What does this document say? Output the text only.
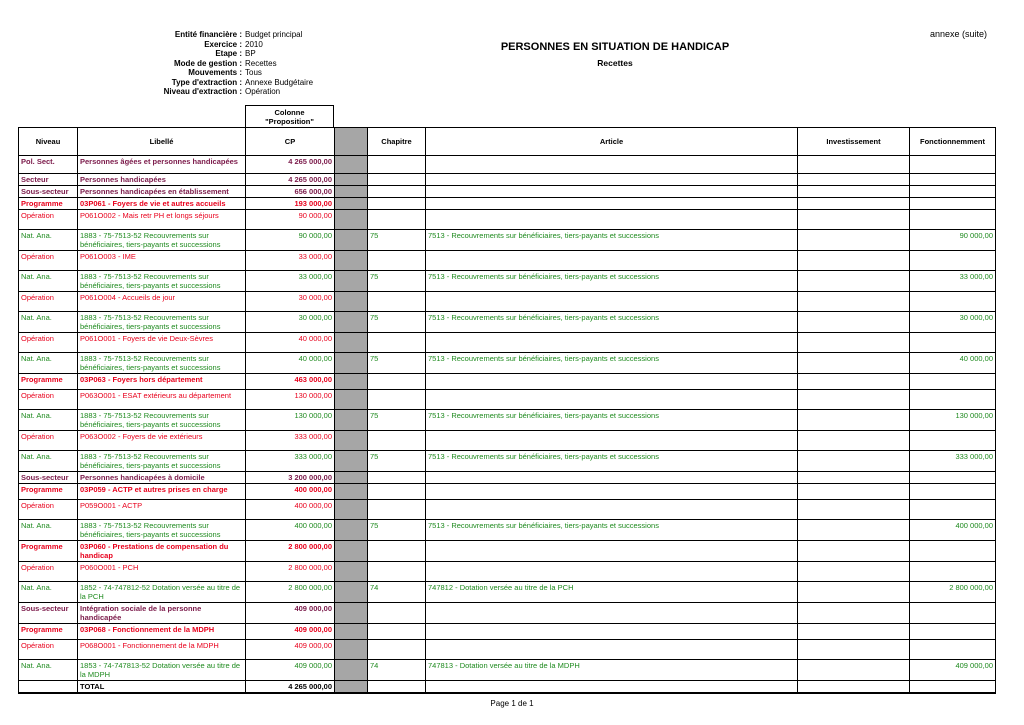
Entité financière : Budget principal
Exercice : 2010
Etape : BP
Mode de gestion : Recettes
Mouvements : Tous
Type d'extraction : Annexe Budgétaire
Niveau d'extraction : Opération
PERSONNES EN SITUATION DE HANDICAP
Recettes
annexe (suite)
Colonne
"Proposition"
Niveau	Libellé	CP		Chapitre	Article	Investissement	Fonctionnemment
Pol. Sect.	Personnes âgées et personnes handicapées	4 265 000,00					
Secteur	Personnes handicapées	4 265 000,00					
Sous-secteur	Personnes handicapées en établissement	656 000,00					
Programme	03P061 - Foyers de vie et autres accueils	193 000,00					
Opération	P061O002 - Mais retr PH et longs séjours	90 000,00					
Nat. Ana.	1883 - 75-7513-52 Recouvrements sur bénéficiaires, tiers-payants et successions	90 000,00		75	7513 - Recouvrements sur bénéficiaires, tiers-payants et successions		90 000,00
Opération	P061O003 - IME	33 000,00					
Nat. Ana.	1883 - 75-7513-52 Recouvrements sur bénéficiaires, tiers-payants et successions	33 000,00		75	7513 - Recouvrements sur bénéficiaires, tiers-payants et successions		33 000,00
Opération	P061O004 - Accueils de jour	30 000,00					
Nat. Ana.	1883 - 75-7513-52 Recouvrements sur bénéficiaires, tiers-payants et successions	30 000,00		75	7513 - Recouvrements sur bénéficiaires, tiers-payants et successions		30 000,00
Opération	P061O001 - Foyers de vie Deux-Sèvres	40 000,00					
Nat. Ana.	1883 - 75-7513-52 Recouvrements sur bénéficiaires, tiers-payants et successions	40 000,00		75	7513 - Recouvrements sur bénéficiaires, tiers-payants et successions		40 000,00
Programme	03P063 - Foyers hors département	463 000,00					
Opération	P063O001 - ESAT extérieurs au département	130 000,00					
Nat. Ana.	1883 - 75-7513-52 Recouvrements sur bénéficiaires, tiers-payants et successions	130 000,00		75	7513 - Recouvrements sur bénéficiaires, tiers-payants et successions		130 000,00
Opération	P063O002 - Foyers de vie extérieurs	333 000,00					
Nat. Ana.	1883 - 75-7513-52 Recouvrements sur bénéficiaires, tiers-payants et successions	333 000,00		75	7513 - Recouvrements sur bénéficiaires, tiers-payants et successions		333 000,00
Sous-secteur	Personnes handicapées à domicile	3 200 000,00					
Programme	03P059 - ACTP et autres prises en charge	400 000,00					
Opération	P059O001 - ACTP	400 000,00					
Nat. Ana.	1883 - 75-7513-52 Recouvrements sur bénéficiaires, tiers-payants et successions	400 000,00		75	7513 - Recouvrements sur bénéficiaires, tiers-payants et successions		400 000,00
Programme	03P060 - Prestations de compensation du handicap	2 800 000,00					
Opération	P060O001 - PCH	2 800 000,00					
Nat. Ana.	1852 - 74-747812-52 Dotation versée au titre de la PCH	2 800 000,00		74	747812 - Dotation versée au titre de la PCH		2 800 000,00
Sous-secteur	Intégration sociale de la personne handicapée	409 000,00					
Programme	03P068 - Fonctionnement de la MDPH	409 000,00					
Opération	P068O001 - Fonctionnement de la MDPH	409 000,00					
Nat. Ana.	1853 - 74-747813-52 Dotation versée au titre de la MDPH	409 000,00		74	747813 - Dotation versée au titre de la MDPH		409 000,00
	TOTAL	4 265 000,00					
Page 1 de 1
